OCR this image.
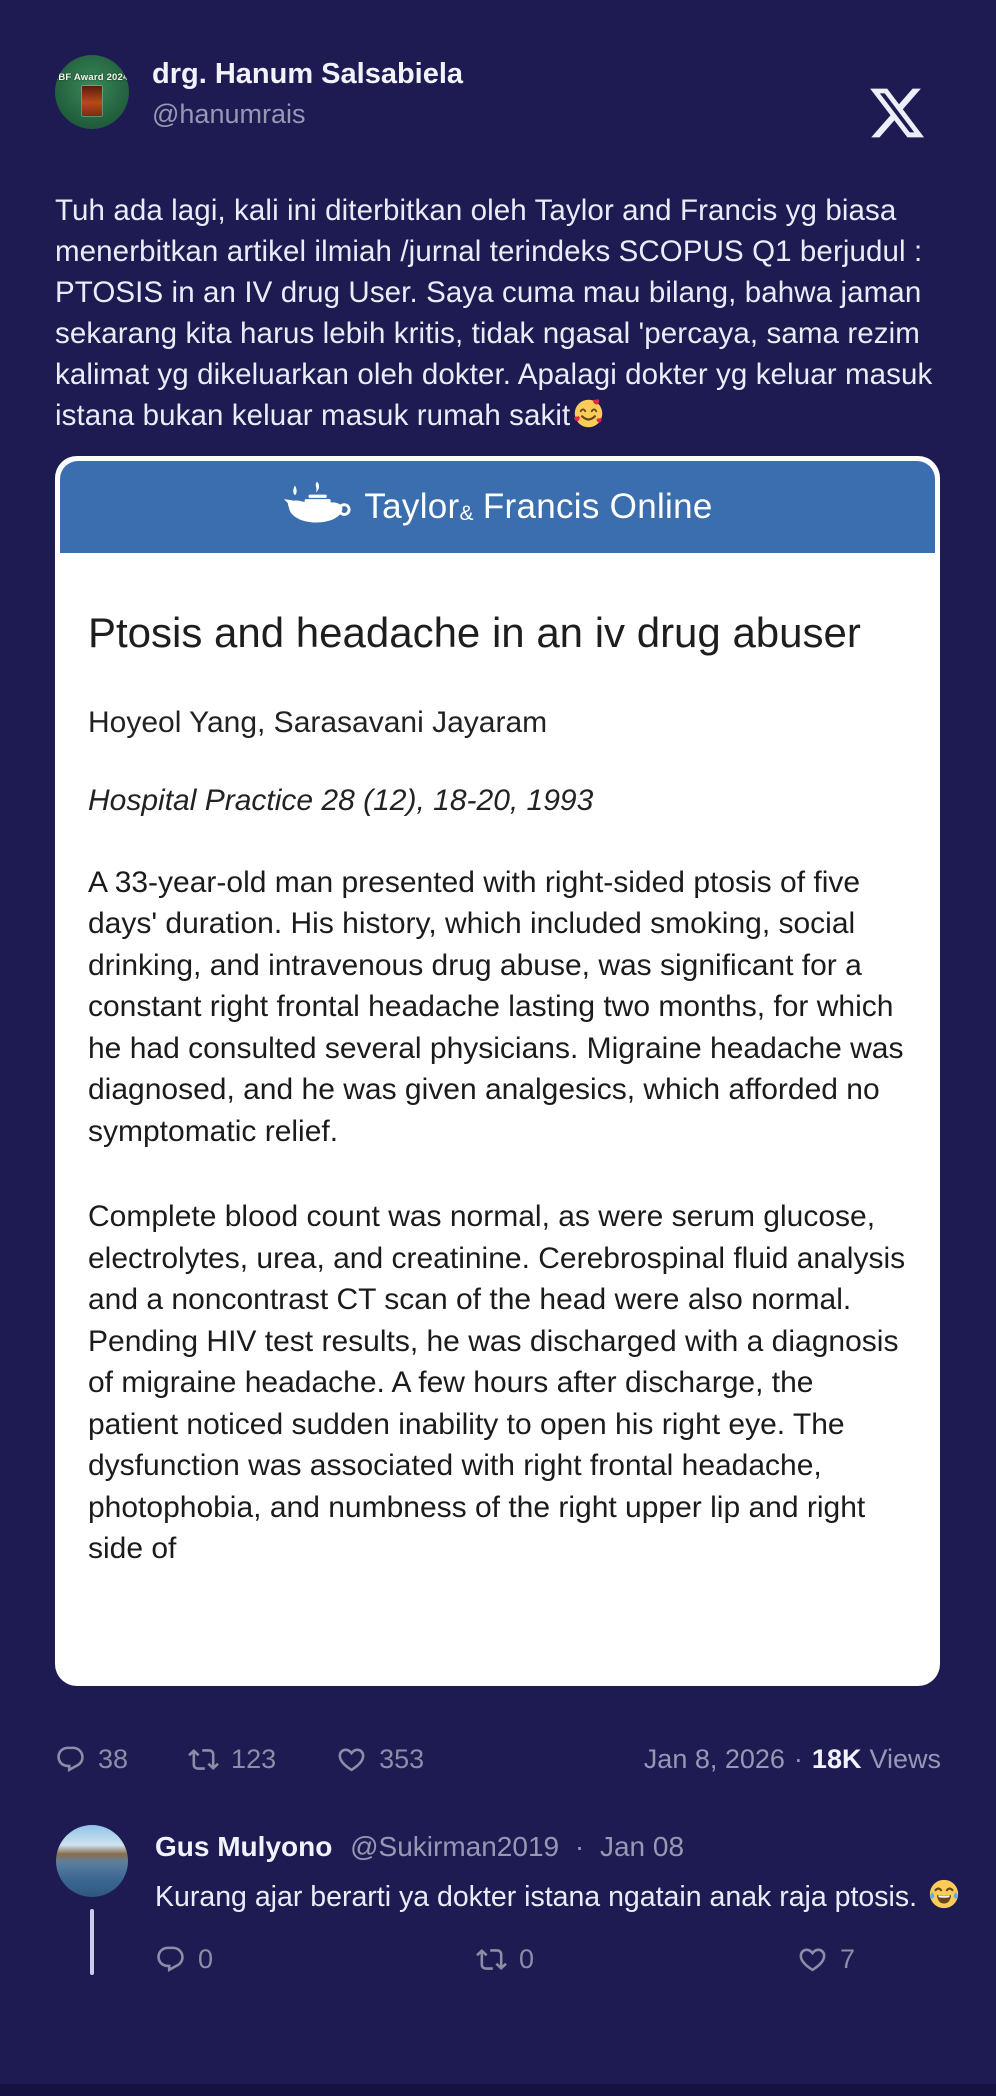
IBF Award 2024 drg. Hanum Salsabiela
@hanumrais
Tuh ada lagi, kali ini diterbitkan oleh Taylor and Francis yg biasa menerbitkan artikel ilmiah /jurnal terindeks SCOPUS Q1 berjudul : PTOSIS in an IV drug User. Saya cuma mau bilang, bahwa jaman sekarang kita harus lebih kritis, tidak ngasal 'percaya, sama rezim kalimat yg dikeluarkan oleh dokter. Apalagi dokter yg keluar masuk istana bukan keluar masuk rumah sakit
Taylor& Francis Online
Ptosis and headache in an iv drug abuser
Hoyeol Yang, Sarasavani Jayaram
Hospital Practice 28 (12), 18-20, 1993

A 33-year-old man presented with right-sided ptosis of five days' duration. His history, which included smoking, social drinking, and intravenous drug abuse, was significant for a constant right frontal headache lasting two months, for which he had consulted several physicians. Migraine headache was diagnosed, and he was given analgesics, which afforded no symptomatic relief.

Complete blood count was normal, as were serum glucose, electrolytes, urea, and creatinine. Cerebrospinal fluid analysis and a noncontrast CT scan of the head were also normal. Pending HIV test results, he was discharged with a diagnosis of migraine headache. A few hours after discharge, the patient noticed sudden inability to open his right eye. The dysfunction was associated with right frontal headache, photophobia, and numbness of the right upper lip and right side of

38	123	353	Jan 8, 2026 · 18K Views
Gus Mulyono @Sukirman2019 · Jan 08
Kurang ajar berarti ya dokter istana ngatain anak raja ptosis.
0	0	7
